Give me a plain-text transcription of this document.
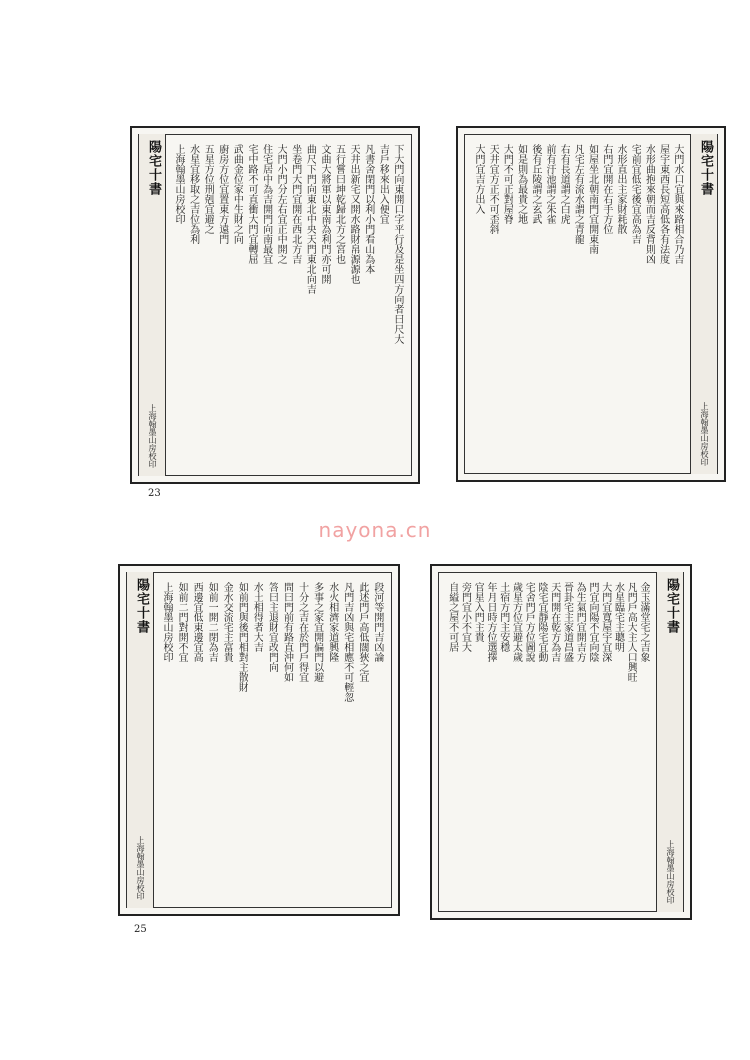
陽宅十書
上海翰墨山房校印
下大門向東開口字平行及是坐四方向者曰尺大
吉戶移來出入便宜
凡書舍閉門以利小門看山為本
天井出新宅又開水路財帛源源也
五行嘗曰坤乾歸北方之宮也
文曲大將軍以東南為利門亦可開
曲尺下門向東北中央天門東北向吉
坐卷門大門宜開在西北方吉
大門小門分左右宜正中開之
住宅居中為吉開門向南最宜
宅中路不可直衝大門宜轉屈
武曲金位家中生財之向
廚房方位宜置東方遠門
五星方位刑剋宜避之
水星宜移取之吉位為利
上海翰墨山房校印
23
陽宅十書
上海翰墨山房校印
大門水口宜與來路相合乃吉
屋宇東西長短高低各有法度
水形曲抱來朝而吉反背則凶
宅前宜低宅後宜高為吉
水形直出主家財耗散
右門宜開在右手方位
如屋坐北朝南門宜開東南
凡宅左有流水謂之青龍
右有長道謂之白虎
前有汙池謂之朱雀
後有丘陵謂之玄武
如是則為最貴之地
大門不可正對屋脊
天井宜方正不可歪斜
大門宜吉方出入
nayona.cn
陽宅十書
上海翰墨山房校印
段河等開門吉凶論
此述門戶高低闊狹之宜
凡門吉凶與宅相應不可輕忽
水火相濟家道興隆
多事之家宜開偏門以避
十分之吉在於門戶得宜
問曰門前有路直沖何如
答曰主退財宜改門向
水土相得者大吉
如前門與後門相對主散財
金水交流宅主富貴
如前一開二閉為吉
西邊宜低東邊宜高
如前二門對開不宜
上海翰墨山房校印
25
陽宅十書
上海翰墨山房校印
金玉滿堂宅之吉象
凡門戶高大主人口興旺
水星臨宅主聰明
大門宜寬屋宇宜深
門宜向陽不宜向陰
為生氣門宜開吉方
晉卦宅主家道昌盛
天門開在乾方為吉
陰宅宜靜陽宅宜動
宅舍門戶方位圖說
歲星方位宜避太歲
土宿方門主安穩
年月日時方位選擇
官星入門主貴
旁門宜小不宜大
自縊之屋不可居
